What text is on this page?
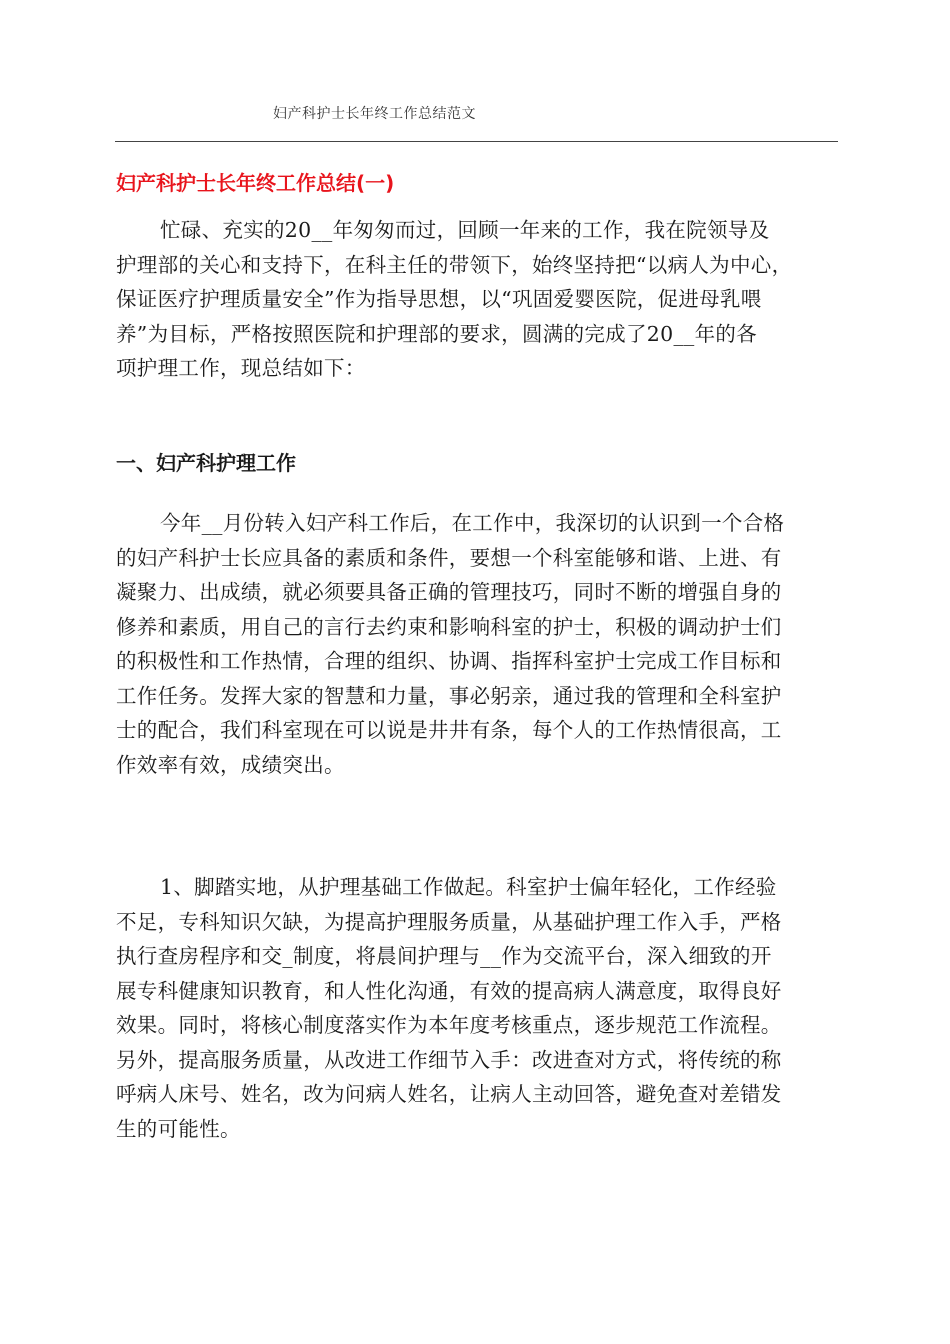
妇产科护士长年终工作总结范文
妇产科护士长年终工作总结(一)
忙碌、充实的20__年匆匆而过，回顾一年来的工作，我在院领导及
护理部的关心和支持下，在科主任的带领下，始终坚持把“以病人为中心，
保证医疗护理质量安全”作为指导思想，以“巩固爱婴医院，促进母乳喂
养”为目标，严格按照医院和护理部的要求，圆满的完成了20__年的各
项护理工作，现总结如下：
一、妇产科护理工作
今年__月份转入妇产科工作后，在工作中，我深切的认识到一个合格
的妇产科护士长应具备的素质和条件，要想一个科室能够和谐、上进、有
凝聚力、出成绩，就必须要具备正确的管理技巧，同时不断的增强自身的
修养和素质，用自己的言行去约束和影响科室的护士，积极的调动护士们
的积极性和工作热情，合理的组织、协调、指挥科室护士完成工作目标和
工作任务。发挥大家的智慧和力量，事必躬亲，通过我的管理和全科室护
士的配合，我们科室现在可以说是井井有条，每个人的工作热情很高，工
作效率有效，成绩突出。
1、脚踏实地，从护理基础工作做起。科室护士偏年轻化，工作经验
不足，专科知识欠缺，为提高护理服务质量，从基础护理工作入手，严格
执行查房程序和交_制度，将晨间护理与__作为交流平台，深入细致的开
展专科健康知识教育，和人性化沟通，有效的提高病人满意度，取得良好
效果。同时，将核心制度落实作为本年度考核重点，逐步规范工作流程。
另外，提高服务质量，从改进工作细节入手：改进查对方式，将传统的称
呼病人床号、姓名，改为问病人姓名，让病人主动回答，避免查对差错发
生的可能性。
